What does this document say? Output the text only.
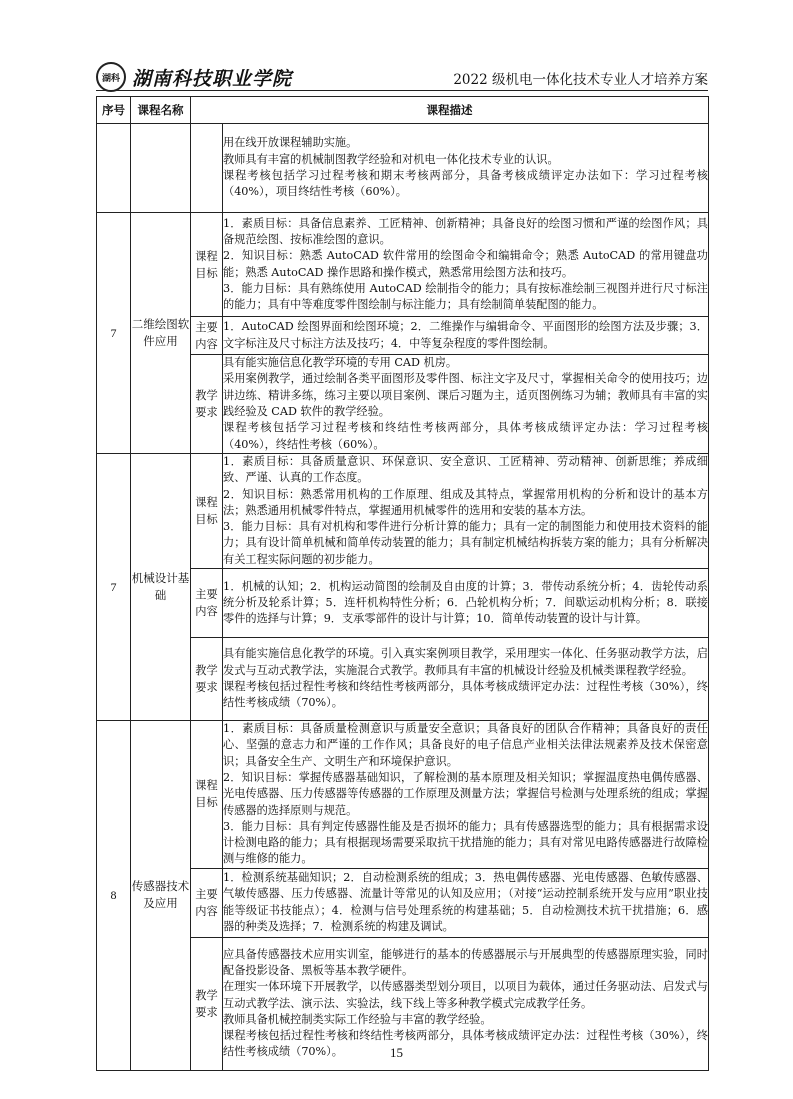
湖科 湖南科技职业学院	2022 级机电一体化技术专业人才培养方案
序号	课程名称	课程描述	

			用在线开放课程辅助实施。

教师具有丰富的机械制图教学经验和对机电一体化技术专业的认识。

课程考核包括学习过程考核和期末考核两部分，具备考核成绩评定办法如下：学习过程考核（40%），项目终结性考核（60%）。

7	二维绘图软件应用	课程目标	1．素质目标：具备信息素养、工匠精神、创新精神；具备良好的绘图习惯和严谨的绘图作风；具备规范绘图、按标准绘图的意识。

2．知识目标：熟悉 AutoCAD 软件常用的绘图命令和编辑命令；熟悉 AutoCAD 的常用键盘功能；熟悉 AutoCAD 操作思路和操作模式，熟悉常用绘图方法和技巧。

3．能力目标：具有熟练使用 AutoCAD 绘制指令的能力；具有按标准绘制三视图并进行尺寸标注的能力；具有中等难度零件图绘制与标注能力；具有绘制简单装配图的能力。

		主要内容	1．AutoCAD 绘图界面和绘图环境；2．二维操作与编辑命令、平面图形的绘图方法及步骤；3．文字标注及尺寸标注方法及技巧；4．中等复杂程度的零件图绘制。

		教学要求	具有能实施信息化教学环境的专用 CAD 机房。

采用案例教学，通过绘制各类平面图形及零件图、标注文字及尺寸，掌握相关命令的使用技巧；边讲边练、精讲多练，练习主要以项目案例、课后习题为主，适页图例练习为辅；教师具有丰富的实践经验及 CAD 软件的教学经验。

课程考核包括学习过程考核和终结性考核两部分，具体考核成绩评定办法：学习过程考核（40%），终结性考核（60%）。

7	机械设计基础	课程目标	1．素质目标：具备质量意识、环保意识、安全意识、工匠精神、劳动精神、创新思维；养成细致、严谨、认真的工作态度。

2．知识目标：熟悉常用机构的工作原理、组成及其特点，掌握常用机构的分析和设计的基本方法；熟悉通用机械零件特点，掌握通用机械零件的选用和安装的基本方法。

3．能力目标：具有对机构和零件进行分析计算的能力；具有一定的制图能力和使用技术资料的能力；具有设计简单机械和简单传动装置的能力；具有制定机械结构拆装方案的能力；具有分析解决有关工程实际问题的初步能力。

		主要内容	1．机械的认知；2．机构运动简图的绘制及自由度的计算；3．带传动系统分析；4．齿轮传动系统分析及轮系计算；5．连杆机构特性分析；6．凸轮机构分析；7．间歇运动机构分析；8．联接零件的选择与计算；9．支承零部件的设计与计算；10．简单传动装置的设计与计算。

		教学要求	具有能实施信息化教学的环境。引入真实案例项目教学，采用理实一体化、任务驱动教学方法，启发式与互动式教学法，实施混合式教学。教师具有丰富的机械设计经验及机械类课程教学经验。

课程考核包括过程性考核和终结性考核两部分，具体考核成绩评定办法：过程性考核（30%），终结性考核成绩（70%）。

8	传感器技术及应用	课程目标	1．素质目标：具备质量检测意识与质量安全意识；具备良好的团队合作精神；具备良好的责任心、坚强的意志力和严谨的工作作风；具备良好的电子信息产业相关法律法规素养及技术保密意识；具备安全生产、文明生产和环境保护意识。

2．知识目标：掌握传感器基础知识，了解检测的基本原理及相关知识；掌握温度热电偶传感器、光电传感器、压力传感器等传感器的工作原理及测量方法；掌握信号检测与处理系统的组成；掌握传感器的选择原则与规范。

3．能力目标：具有判定传感器性能及是否损坏的能力；具有传感器选型的能力；具有根据需求设计检测电路的能力；具有根据现场需要采取抗干扰措施的能力；具有对常见电路传感器进行故障检测与维修的能力。

		主要内容	1．检测系统基础知识；2．自动检测系统的组成；3．热电偶传感器、光电传感器、色敏传感器、气敏传感器、压力传感器、流量计等常见的认知及应用；（对接“运动控制系统开发与应用”职业技能等级证书技能点）；4．检测与信号处理系统的构建基础；5．自动检测技术抗干扰措施；6．感器的种类及选择；7．检测系统的构建及调试。

		教学要求	应具备传感器技术应用实训室，能够进行的基本的传感器展示与开展典型的传感器原理实验，同时配备投影设备、黑板等基本教学硬件。

在理实一体环境下开展教学，以传感器类型划分项目，以项目为载体，通过任务驱动法、启发式与互动式教学法、演示法、实验法，线下线上等多种教学模式完成教学任务。

教师具备机械控制类实际工作经验与丰富的教学经验。

课程考核包括过程性考核和终结性考核两部分，具体考核成绩评定办法：过程性考核（30%），终结性考核成绩（70%）。	15
